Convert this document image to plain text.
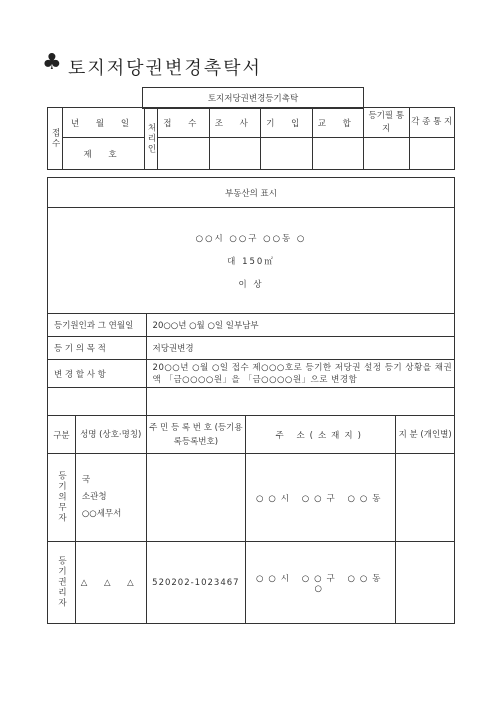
♣ 토지저당권변경촉탁서
토지저당권변경등기촉탁
접수	년 월 일	처리인	접 수	조 사	기 입	교 합	등기필 통 지	각 종 통 지
	제 호							
부동산의 표시				

○○시 ○○구 ○○동 ○
대 150㎡
이 상				

등기원인과 그 연월일		20○○년 ○월 ○일 일부남부		
등 기 의 목 적		저당권변경		
변 경 할 사 항		20○○년 ○월 ○일 접수 제○○○호로 등기한 저당권 설정 등기 상황을 채권액 「금○○○○원」을 「금○○○○원」으로 변경함		

구분	성명 (상호·명칭)	주 민 등 록 번 호 (등기용록등록번호)	주 소(소재지)	지 분 (개인별)
등기의무자	국
소관청
○○세무서		○○시 ○○구 ○○동	
등기권리자	△ △ △	520202-1023467	○○시 ○○구 ○○동 ○	
